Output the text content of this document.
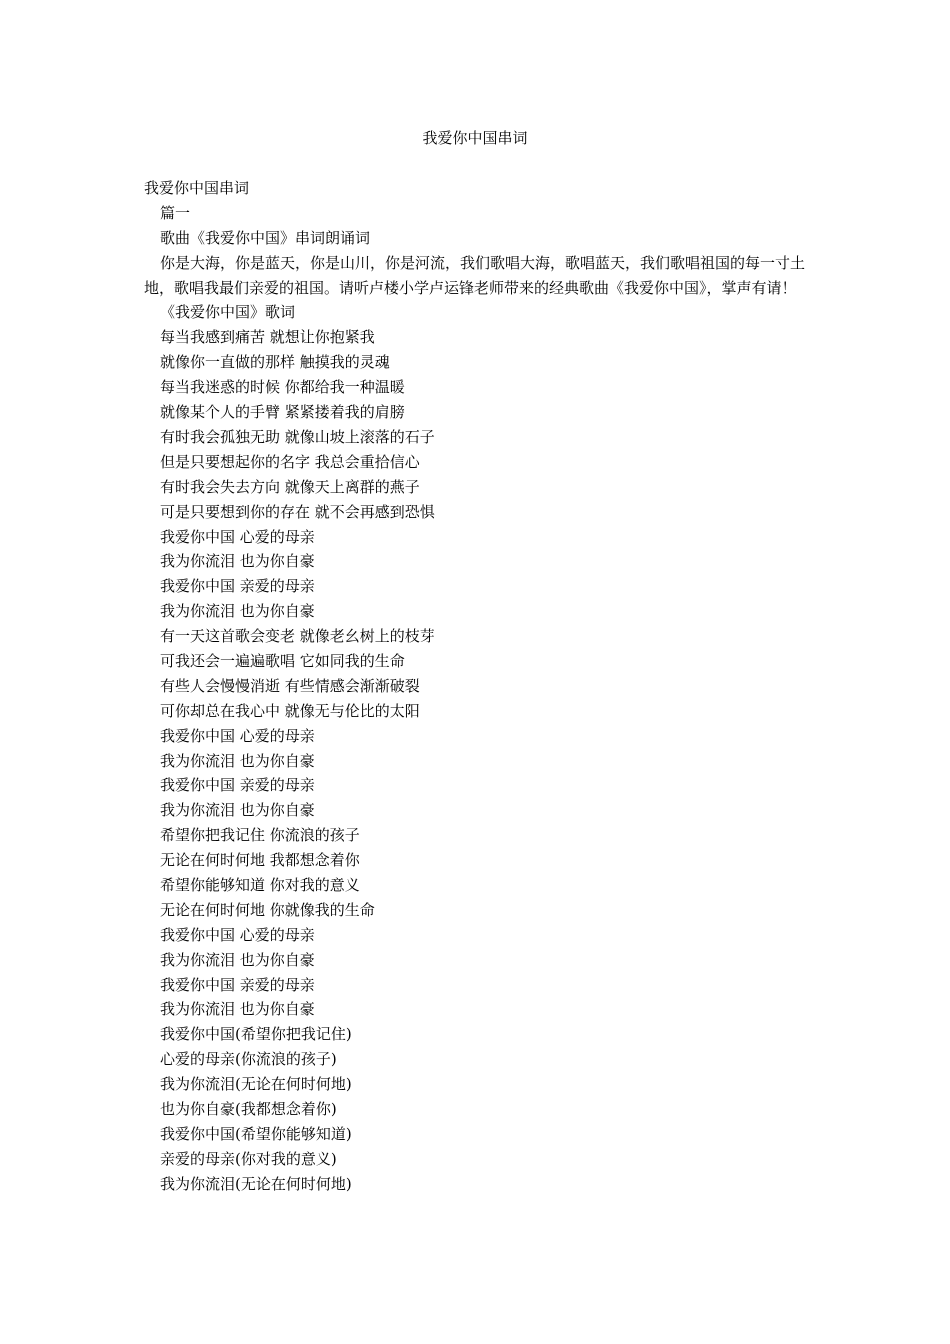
我爱你中国串词

我爱你中国串词

篇一

歌曲《我爱你中国》串词朗诵词

你是大海，你是蓝天，你是山川，你是河流，我们歌唱大海，歌唱蓝天，我们歌唱祖国的每一寸土地，歌唱我最们亲爱的祖国。请听卢楼小学卢运锋老师带来的经典歌曲《我爱你中国》，掌声有请！

《我爱你中国》歌词

每当我感到痛苦 就想让你抱紧我

就像你一直做的那样 触摸我的灵魂

每当我迷惑的时候 你都给我一种温暖

就像某个人的手臂 紧紧搂着我的肩膀

有时我会孤独无助 就像山坡上滚落的石子

但是只要想起你的名字 我总会重拾信心

有时我会失去方向 就像天上离群的燕子

可是只要想到你的存在 就不会再感到恐惧

我爱你中国 心爱的母亲

我为你流泪 也为你自豪

我爱你中国 亲爱的母亲

我为你流泪 也为你自豪

有一天这首歌会变老 就像老幺树上的枝芽

可我还会一遍遍歌唱 它如同我的生命

有些人会慢慢消逝 有些情感会渐渐破裂

可你却总在我心中 就像无与伦比的太阳

我爱你中国 心爱的母亲

我为你流泪 也为你自豪

我爱你中国 亲爱的母亲

我为你流泪 也为你自豪

希望你把我记住 你流浪的孩子

无论在何时何地 我都想念着你

希望你能够知道 你对我的意义

无论在何时何地 你就像我的生命

我爱你中国 心爱的母亲

我为你流泪 也为你自豪

我爱你中国 亲爱的母亲

我为你流泪 也为你自豪

我爱你中国(希望你把我记住)

心爱的母亲(你流浪的孩子)

我为你流泪(无论在何时何地)

也为你自豪(我都想念着你)

我爱你中国(希望你能够知道)

亲爱的母亲(你对我的意义)

我为你流泪(无论在何时何地)
